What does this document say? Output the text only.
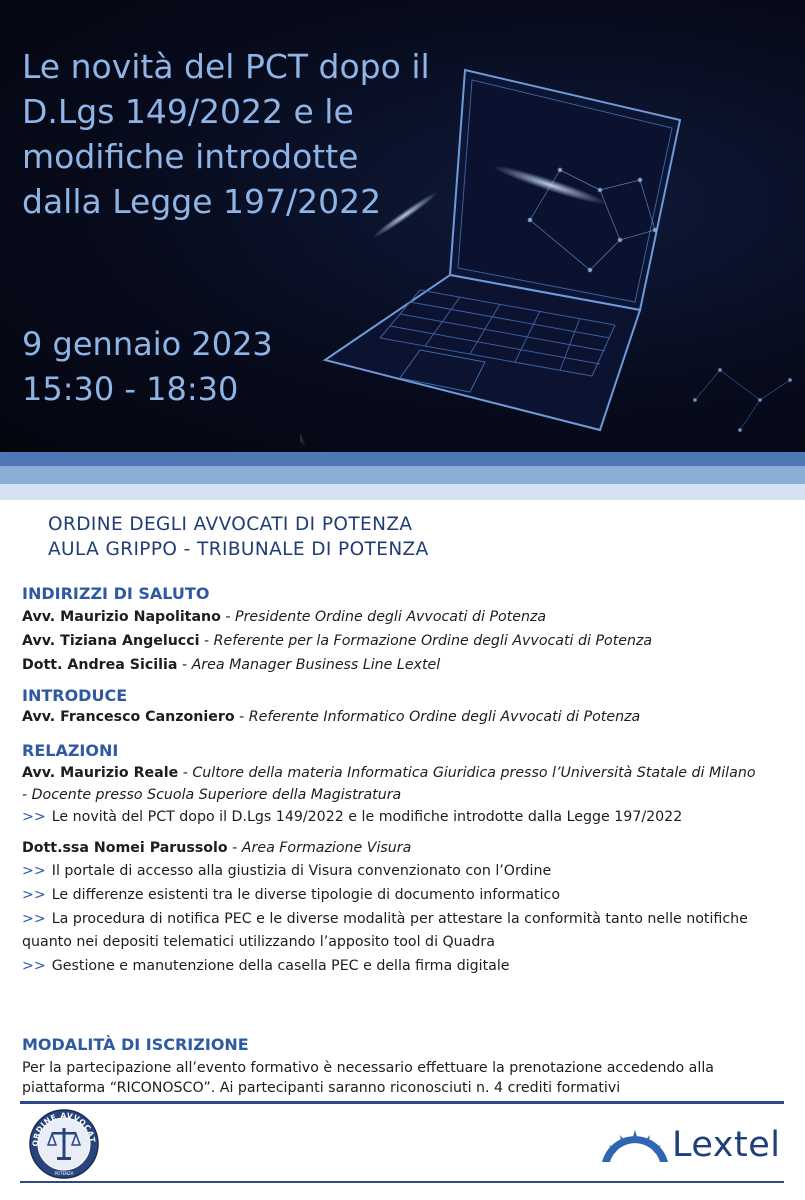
Le novità del PCT dopo il D.Lgs 149/2022 e le modifiche introdotte dalla Legge 197/2022
9 gennaio 2023
15:30 - 18:30
ORDINE DEGLI AVVOCATI DI POTENZA
AULA GRIPPO - TRIBUNALE DI POTENZA
INDIRIZZI DI SALUTO
Avv. Maurizio Napolitano - Presidente Ordine degli Avvocati di Potenza
Avv. Tiziana Angelucci - Referente per la Formazione Ordine degli Avvocati di Potenza
Dott. Andrea Sicilia - Area Manager Business Line Lextel
INTRODUCE
Avv. Francesco Canzoniero - Referente Informatico Ordine degli Avvocati di Potenza
RELAZIONI
Avv. Maurizio Reale - Cultore della materia Informatica Giuridica presso l’Università Statale di Milano
- Docente presso Scuola Superiore della Magistratura
>> Le novità del PCT dopo il D.Lgs 149/2022 e le modifiche introdotte dalla Legge 197/2022
Dott.ssa Nomei Parussolo - Area Formazione Visura
>> Il portale di accesso alla giustizia di Visura convenzionato con l’Ordine
>> Le differenze esistenti tra le diverse tipologie di documento informatico
>> La procedura di notifica PEC e le diverse modalità per attestare la conformità tanto nelle notifiche
quanto nei depositi telematici utilizzando l’apposito tool di Quadra
>> Gestione e manutenzione della casella PEC e della firma digitale
MODALITÀ DI ISCRIZIONE
Per la partecipazione all’evento formativo è necessario effettuare la prenotazione accedendo alla piattaforma “RICONOSCO”. Ai partecipanti saranno riconosciuti n. 4 crediti formativi
ORDINE AVVOCAT
POTENZA
Lextel
